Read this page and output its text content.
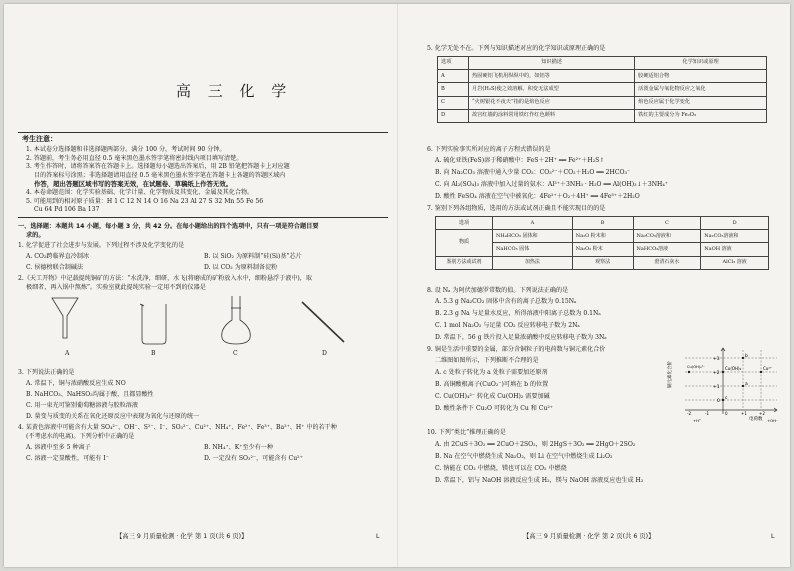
高 三 化 学
考生注意：
1. 本试卷分选择题和非选择题两部分。满分 100 分，考试时间 90 分钟。
2. 答题前，考生务必用直径 0.5 毫米黑色墨水签字笔将密封线内项目填写清楚。
3. 考生作答时，请将答案答在答题卡上。选择题每小题选出答案后，用 2B 铅笔把答题卡上对应题
目的答案标号涂黑；非选择题请用直径 0.5 毫米黑色墨水签字笔在答题卡上各题的答题区域内
作答，超出答题区域书写的答案无效，在试题卷、草稿纸上作答无效。
4. 本卷命题范围：化学实验基础、化学计量、化学物质及其变化、金属及其化合物。
5. 可能用到的相对原子质量：H 1 C 12 N 14 O 16 Na 23 Al 27 S 32 Mn 55 Fe 56
Cu 64 Pd 106 Ba 137
一、选择题：本题共 14 小题，每小题 3 分，共 42 分。在每小题给出的四个选项中，只有一项是符合题目要
求的。
1. 化学促进了社会进步与发展。下列过程不涉及化学变化的是
A. CO₂跨临界直冷制冰	B. 以 SiO₂ 为原料制“硅(Si)基”芯片
C. 侯德榜联合制碱法	D. 以 CO₂ 为原料制备淀粉
2.《天工开物》中记载提纯铜矿的方法：“水洗净，细研，水飞(将磨成的矿粉放入水中，细粉悬浮于液中)，取
极细者，再入锅中熬炼”。实验室就此提纯实验一定用不到的仪器是
A	B	C	D
3. 下列说法正确的是
A. 常温下，铜与浓硝酸反应生成 NO
B. NaHCO₃、NaHSO₃均属于酸，且都显酸性
C. 用一束光可鉴别葡萄糖溶液与胶粒溶液
D. 量变与质变的关系在氧化还原反应中表现为氧化与还原的统一
4. 某黄色溶液中可能含有大量 SO₄²⁻、OH⁻、S²⁻、I⁻、SO₃²⁻、Cu²⁺、NH₄⁺、Fe²⁺、Fe³⁺、Ba²⁺、H⁺ 中的若干种
(不考虑水的电离)。下列分析中正确的是
A. 溶液中至多 5 种离子	B. NH₄⁺、K⁺至少有一种
C. 溶液一定显酸性，可能有 I⁻	D. 一定没有 SO₃²⁻，可能含有 Cu²⁺
【高三 9 月质量检测 · 化学 第 1 页(共 6 页)】	L
5. 化学无处不在。下列与知识描述对应的化学知识或原理正确的是
选项	知识描述	化学知识或原理
A	热固硬铝飞机用纵纵中的，如铝等	胶硬适铝合物
B	月岩(H₂S)使之效溶解，积变无法成型	活泼金属与氧化物反应之氧化
C	“火树银花不夜天”指的是焰色反应	焰色反应属于化学变化
D	故宫红墙的涂料常用铁红作红色颜料	铁红的主要成分为 Fe₂O₃
6. 下列实验事实所对应的离子方程式错误的是
A. 硫化亚铁(FeS)溶于稀硝酸中：FeS＋2H⁺ ══ Fe²⁺＋H₂S↑
B. 向 Na₂CO₃ 溶液中通入少量 CO₂：CO₃²⁻＋CO₂＋H₂O ══ 2HCO₃⁻
C. 向 Al₂(SO₄)₃ 溶液中加入过量的氨水：Al³⁺＋3NH₃ · H₂O ══ Al(OH)₃↓＋3NH₄⁺
D. 酸性 FeSO₄ 溶液在空气中被氧化：4Fe²⁺＋O₂＋4H⁺ ══ 4Fe³⁺＋2H₂O
7. 鉴别下列各组物质，选用的方法或试剂正确且不能实现目的的是
选项	A	B	C	D
物质	NH₄HCO₃ 固体和	Na₂O 粉末和	Na₂CO₃溶液和	Na₂CO₃溶液和
	NaHCO₃ 固体	Na₂O₂ 粉末	NaHCO₃溶液	NaOH 溶液
鉴别方法或试剂	加热法	观察法	澄清石灰水	AlCl₃ 溶液
8. 设 Nₐ 为阿伏加德罗常数的值。下列说法正确的是
A. 5.3 g Na₂CO₃ 固体中含有的离子总数为 0.15Nₐ
B. 2.3 g Na 与足量水反应，所得溶液中阳离子总数为 0.1Nₐ
C. 1 mol Na₂O₂ 与足量 CO₂ 反应转移电子数为 2Nₐ
D. 常温下，56 g 铁片投入足量浓硝酸中反应转移电子数为 3Nₐ
9. 铜是生活中重要的金属，部分含铜粒子的电荷数与铜元素化合价
二维图如图所示，下列推断不合理的是
A. c 处粒子转化为 a 处粒子需要加还原剂
B. 高铜酸根离子(CuO₂⁻)可填在 b 的位置
C. Cu(OH)₄²⁻ 转化成 Cu(OH)₂ 需要加碱
D. 酸性条件下 Cu₂O 可转化为 Cu 和 Cu²⁺
铜元素化合价
电荷数
+3
+2
+1
0
-2	-1	0	+1	+2
b
Cu(OH)₂
Cu(OH)₄²⁻	Cu²⁺
a
c
+H⁺	+OH⁻
10. 下列“类比”推理正确的是
A. 由 2CuS＋3O₂ ══ 2CuO＋2SO₂，则 2HgS＋3O₂ ══ 2HgO＋2SO₂
B. Na 在空气中燃烧生成 Na₂O₂，则 Li 在空气中燃烧生成 Li₂O₂
C. 钠能在 CO₂ 中燃烧，镁也可以在 CO₂ 中燃烧
D. 常温下，铝与 NaOH 溶液反应生成 H₂，镁与 NaOH 溶液反应也生成 H₂
【高三 9 月质量检测 · 化学 第 2 页(共 6 页)】	L
